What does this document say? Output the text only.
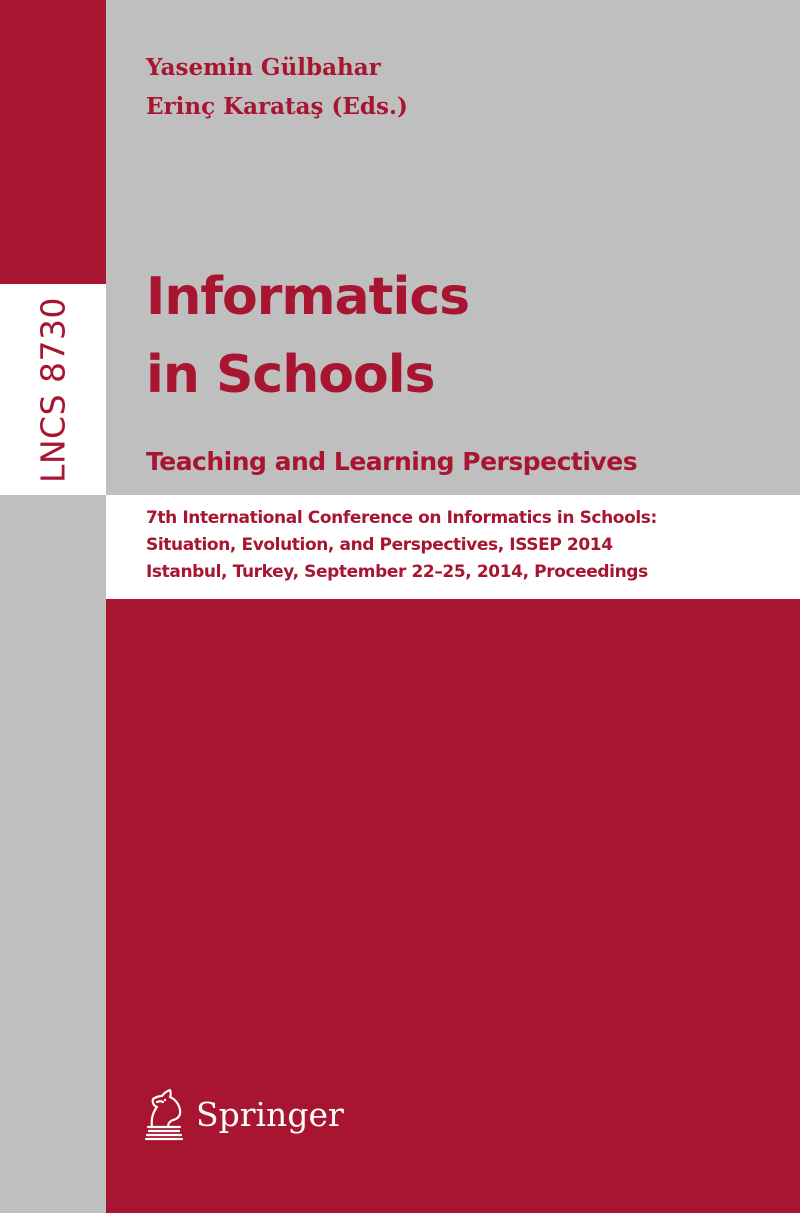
LNCS 8730
Yasemin Gülbahar
Erinç Karataş (Eds.)
Informatics
in Schools
Teaching and Learning Perspectives
7th International Conference on Informatics in Schools:
Situation, Evolution, and Perspectives, ISSEP 2014
Istanbul, Turkey, September 22–25, 2014, Proceedings
Springer
